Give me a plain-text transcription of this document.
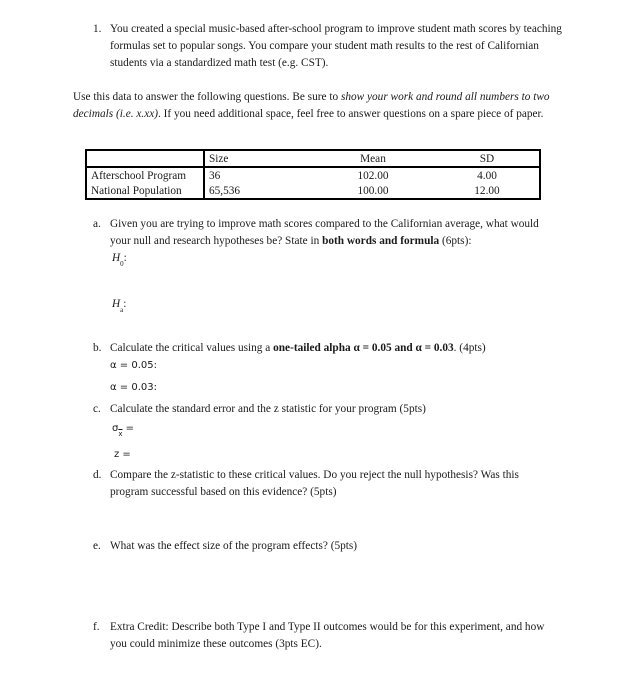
1. You created a special music-based after-school program to improve student math scores by teaching formulas set to popular songs. You compare your student math results to the rest of Californian students via a standardized math test (e.g. CST).
Use this data to answer the following questions. Be sure to show your work and round all numbers to two decimals (i.e. x.xx). If you need additional space, feel free to answer questions on a spare piece of paper.
	Size	Mean	SD
Afterschool Program	36	102.00	4.00
National Population	65,536	100.00	12.00
a. Given you are trying to improve math scores compared to the Californian average, what would your null and research hypotheses be? State in both words and formula (6pts):
$H_0$:
$H_a$:
b. Calculate the critical values using a one-tailed alpha α = 0.05 and α = 0.03. (4pts)
α = 0.05:
α = 0.03:
c. Calculate the standard error and the z statistic for your program (5pts)
$\sigma_{\overline{x}}$ =
z =
d. Compare the z-statistic to these critical values. Do you reject the null hypothesis? Was this program successful based on this evidence? (5pts)
e. What was the effect size of the program effects? (5pts)
f. Extra Credit: Describe both Type I and Type II outcomes would be for this experiment, and how you could minimize these outcomes (3pts EC).
